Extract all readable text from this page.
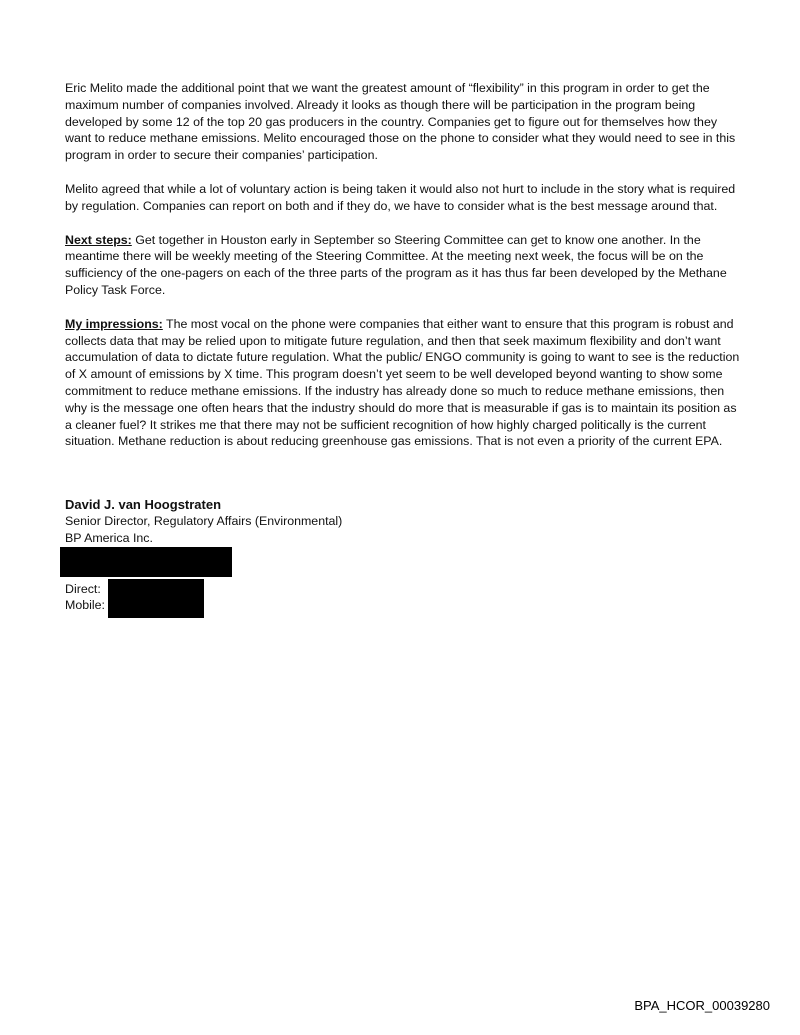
Eric Melito made the additional point that we want the greatest amount of “flexibility” in this program in order to get the maximum number of companies involved. Already it looks as though there will be participation in the program being developed by some 12 of the top 20 gas producers in the country. Companies get to figure out for themselves how they want to reduce methane emissions. Melito encouraged those on the phone to consider what they would need to see in this program in order to secure their companies’ participation.

Melito agreed that while a lot of voluntary action is being taken it would also not hurt to include in the story what is required by regulation. Companies can report on both and if they do, we have to consider what is the best message around that.

Next steps: Get together in Houston early in September so Steering Committee can get to know one another. In the meantime there will be weekly meeting of the Steering Committee. At the meeting next week, the focus will be on the sufficiency of the one-pagers on each of the three parts of the program as it has thus far been developed by the Methane Policy Task Force.

My impressions: The most vocal on the phone were companies that either want to ensure that this program is robust and collects data that may be relied upon to mitigate future regulation, and then that seek maximum flexibility and don’t want accumulation of data to dictate future regulation. What the public/ ENGO community is going to want to see is the reduction of X amount of emissions by X time. This program doesn’t yet seem to be well developed beyond wanting to show some commitment to reduce methane emissions. If the industry has already done so much to reduce methane emissions, then why is the message one often hears that the industry should do more that is measurable if gas is to maintain its position as a cleaner fuel? It strikes me that there may not be sufficient recognition of how highly charged politically is the current situation. Methane reduction is about reducing greenhouse gas emissions. That is not even a priority of the current EPA.

David J. van Hoogstraten
Senior Director, Regulatory Affairs (Environmental)
BP America Inc.
Direct:
Mobile:
BPA_HCOR_00039280
